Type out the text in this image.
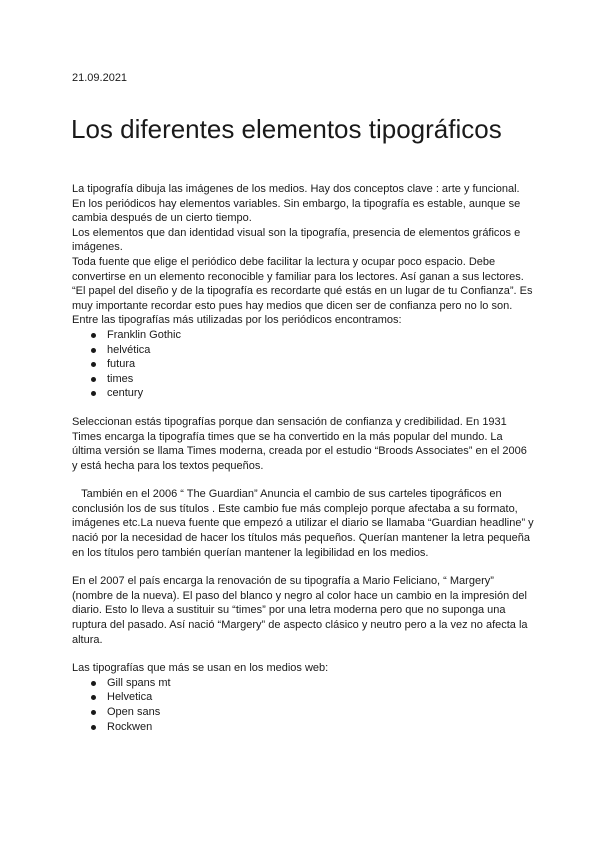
21.09.2021
Los diferentes elementos tipográficos

La tipografía dibuja las imágenes de los medios. Hay dos conceptos clave : arte y funcional. En los periódicos hay elementos variables. Sin embargo, la tipografía es estable, aunque se cambia después de un cierto tiempo.

Los elementos que dan identidad visual son la tipografía, presencia de elementos gráficos e imágenes.

Toda fuente que elige el periódico debe facilitar la lectura y ocupar poco espacio. Debe convertirse en un elemento reconocible y familiar para los lectores. Así ganan a sus lectores.

“El papel del diseño y de la tipografía es recordarte qué estás en un lugar de tu Confianza”. Es muy importante recordar esto pues hay medios que dicen ser de confianza pero no lo son.

Entre las tipografías más utilizadas por los periódicos encontramos:

Franklin Gothic
helvética
futura
times
century

Seleccionan estás tipografías porque dan sensación de confianza y credibilidad. En 1931 Times encarga la tipografía times que se ha convertido en la más popular del mundo. La última versión se llama Times moderna, creada por el estudio “Broods Associates” en el 2006 y está hecha para los textos pequeños.

También en el 2006 “ The Guardian” Anuncia el cambio de sus carteles tipográficos en conclusión los de sus títulos . Este cambio fue más complejo porque afectaba a su formato, imágenes etc.La nueva fuente que empezó a utilizar el diario se llamaba “Guardian headline” y nació por la necesidad de hacer los títulos más pequeños. Querían mantener la letra pequeña en los títulos pero también querían mantener la legibilidad en los medios.

En el 2007 el país encarga la renovación de su tipografía a Mario Feliciano, “ Margery” (nombre de la nueva). El paso del blanco y negro al color hace un cambio en la impresión del diario. Esto lo lleva a sustituir su “times” por una letra moderna pero que no suponga una ruptura del pasado. Así nació “Margery” de aspecto clásico y neutro pero a la vez no afecta la altura.

Las tipografías que más se usan en los medios web:

Gill spans mt
Helvetica
Open sans
Rockwen
